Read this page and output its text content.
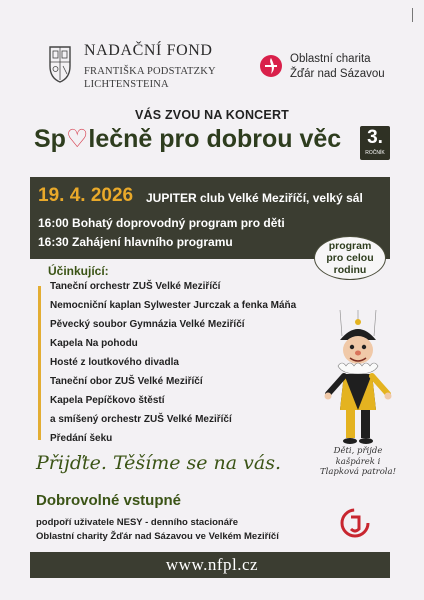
NADAČNÍ FOND
FRANTIŠKA PODSTATZKY
LICHTENSTEINA
Oblastní charita
Žďár nad Sázavou
VÁS ZVOU NA KONCERT
Sp♡lečně pro dobrou věc	3.
ROČNÍK
19. 4. 2026 JUPITER club Velké Meziříčí, velký sál
16:00 Bohatý doprovodný program pro děti
16:30 Zahájení hlavního programu	program
pro celou
rodinu
Účinkující:
Taneční orchestr ZUŠ Velké Meziříčí
Nemocniční kaplan Sylwester Jurczak a fenka Máňa
Pěvecký soubor Gymnázia Velké Meziříčí
Kapela Na pohodu
Hosté z loutkového divadla
Taneční obor ZUŠ Velké Meziříčí
Kapela Pepíčkovo štěstí
a smíšený orchestr ZUŠ Velké Meziříčí
Předání šeku
Děti, přijde
kašpárek i
Tlapková patrola!
Přijďte. Těšíme se na vás.
Dobrovolné vstupné
podpoří uživatele NESY - denního stacionáře
Oblastní charity Žďár nad Sázavou ve Velkém Meziříčí
www.nfpl.cz
